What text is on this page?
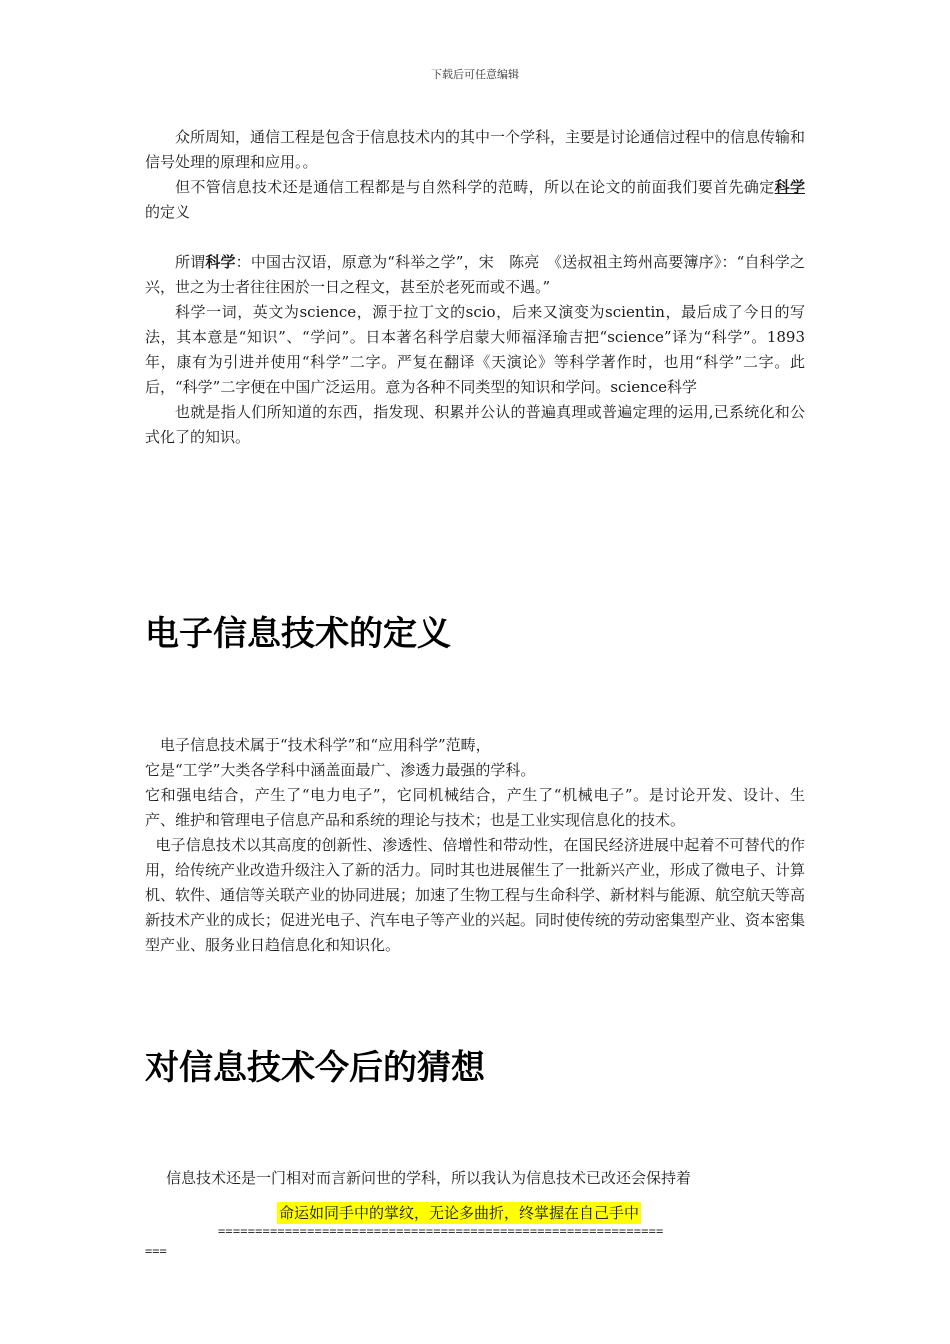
下载后可任意编辑

众所周知，通信工程是包含于信息技术内的其中一个学科，主要是讨论通信过程中的信息传输和信号处理的原理和应用。。

但不管信息技术还是通信工程都是与自然科学的范畴，所以在论文的前面我们要首先确定科学的定义

所谓科学：中国古汉语，原意为“科举之学”，宋　陈亮　《送叔祖主筠州高要簿序》：“自科学之兴，世之为士者往往困於一日之程文，甚至於老死而或不遇。”

科学一词，英文为science，源于拉丁文的scio，后来又演变为scientin，最后成了今日的写法，其本意是“知识”、“学问”。日本著名科学启蒙大师福泽瑜吉把“science”译为“科学”。1893年，康有为引进并使用“科学”二字。严复在翻译《天演论》等科学著作时，也用“科学”二字。此后，“科学”二字便在中国广泛运用。意为各种不同类型的知识和学问。science科学

也就是指人们所知道的东西，指发现、积累并公认的普遍真理或普遍定理的运用,已系统化和公式化了的知识。

电子信息技术的定义

电子信息技术属于“技术科学”和“应用科学”范畴，

它是“工学”大类各学科中涵盖面最广、渗透力最强的学科。

它和强电结合，产生了“电力电子”，它同机械结合，产生了“机械电子”。是讨论开发、设计、生产、维护和管理电子信息产品和系统的理论与技术；也是工业实现信息化的技术。

电子信息技术以其高度的创新性、渗透性、倍增性和带动性，在国民经济进展中起着不可替代的作用，给传统产业改造升级注入了新的活力。同时其也进展催生了一批新兴产业，形成了微电子、计算机、软件、通信等关联产业的协同进展；加速了生物工程与生命科学、新材料与能源、航空航天等高新技术产业的成长；促进光电子、汽车电子等产业的兴起。同时使传统的劳动密集型产业、资本密集型产业、服务业日趋信息化和知识化。

对信息技术今后的猜想

信息技术还是一门相对而言新问世的学科，所以我认为信息技术已改还会保持着

命运如同手中的掌纹，无论多曲折，终掌握在自己手中
============================================================
===
